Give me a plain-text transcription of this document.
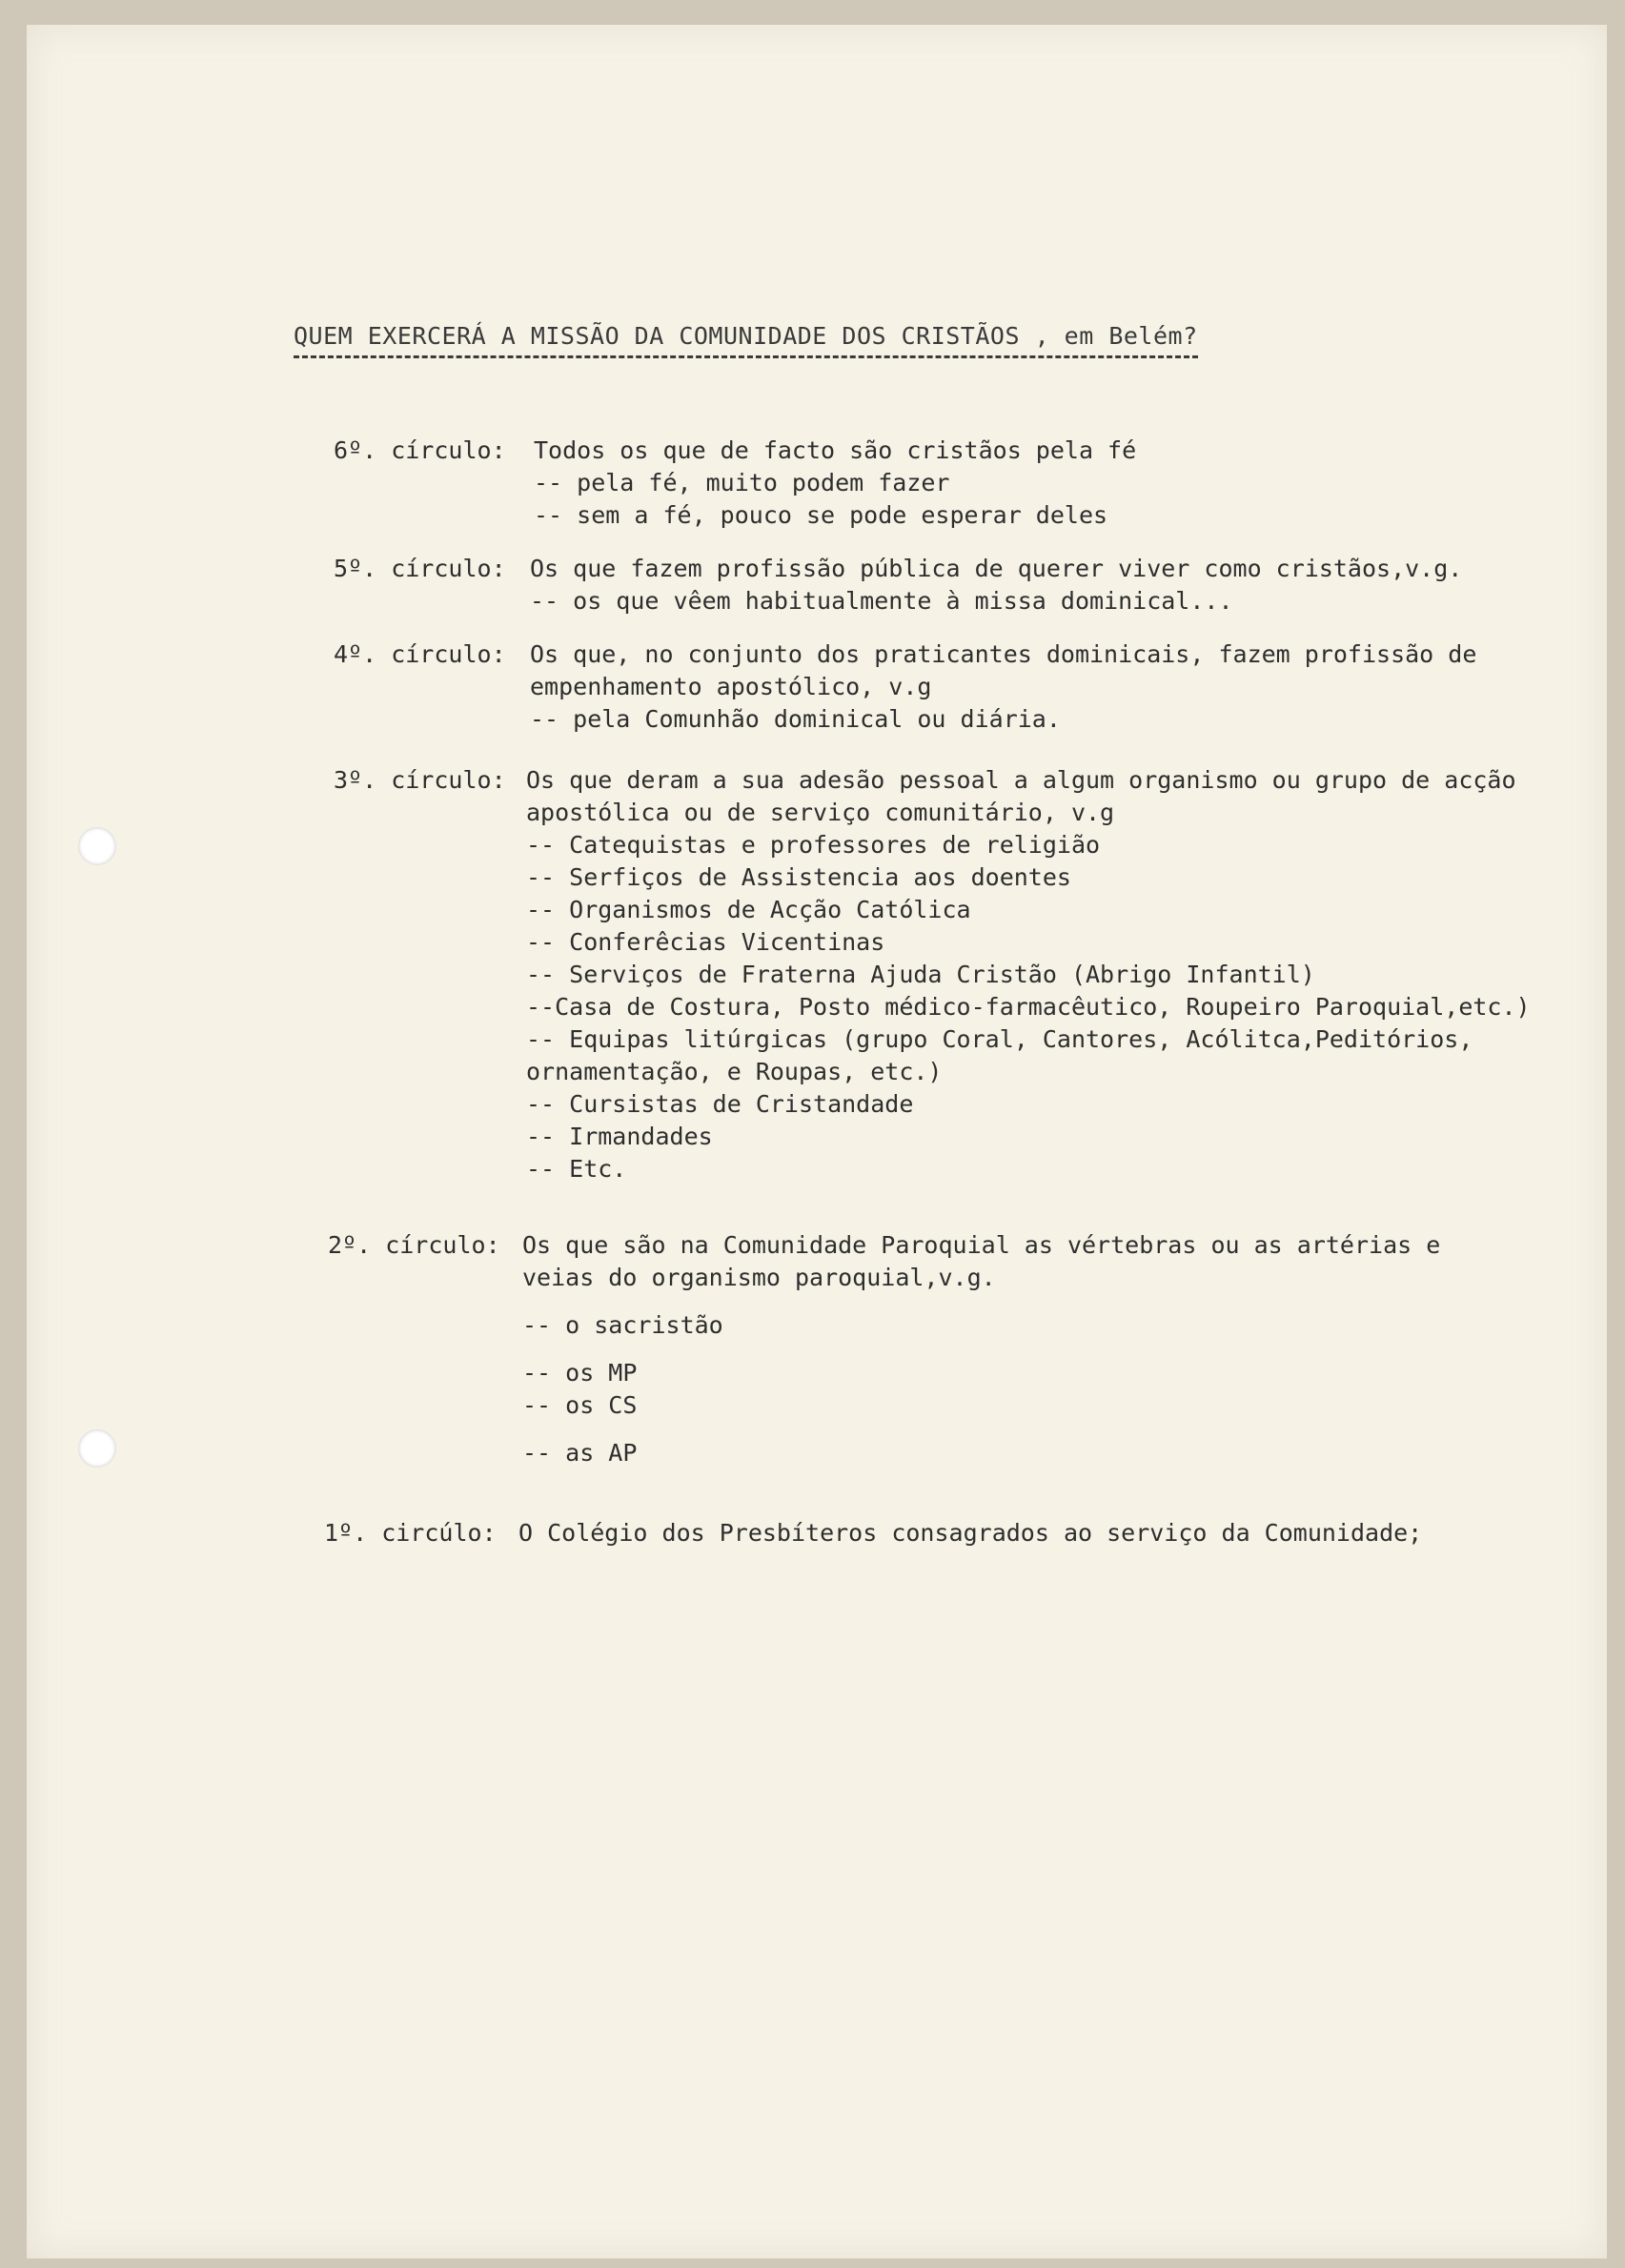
QUEM EXERCERÁ A MISSÃO DA COMUNIDADE DOS CRISTÃOS , em Belém?
6º. círculo: Todos os que de facto são cristãos pela fé
-- pela fé, muito podem fazer
-- sem a fé, pouco se pode esperar deles
5º. círculo: Os que fazem profissão pública de querer viver como cristãos,v.g.
-- os que vêem habitualmente à missa dominical...
4º. círculo: Os que, no conjunto dos praticantes dominicais, fazem profissão de
empenhamento apostólico, v.g
-- pela Comunhão dominical ou diária.
3º. círculo: Os que deram a sua adesão pessoal a algum organismo ou grupo de acção
apostólica ou de serviço comunitário, v.g
-- Catequistas e professores de religião
-- Serfiços de Assistencia aos doentes
-- Organismos de Acção Católica
-- Conferêcias Vicentinas
-- Serviços de Fraterna Ajuda Cristão (Abrigo Infantil)
--Casa de Costura, Posto médico-farmacêutico, Roupeiro Paroquial,etc.)
-- Equipas litúrgicas (grupo Coral, Cantores, Acólitca,Peditórios,
ornamentação, e Roupas, etc.)
-- Cursistas de Cristandade
-- Irmandades
-- Etc.
2º. círculo: Os que são na Comunidade Paroquial as vértebras ou as artérias e
veias do organismo paroquial,v.g.
-- o sacristão
-- os MP
-- os CS
-- as AP
1º. circúlo: O Colégio dos Presbíteros consagrados ao serviço da Comunidade;
